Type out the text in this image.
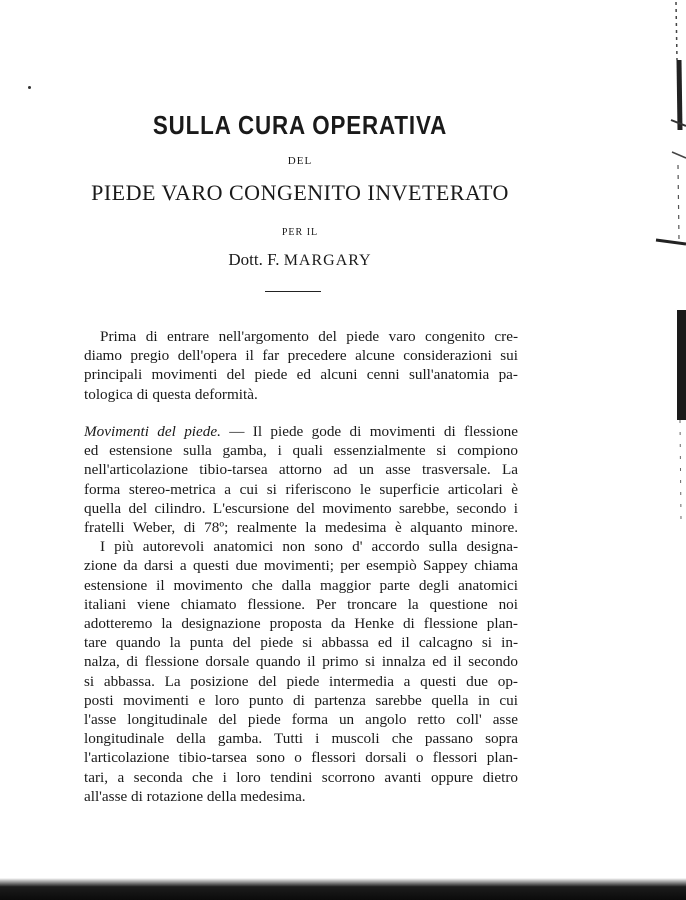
SULLA CURA OPERATIVA
DEL
PIEDE VARO CONGENITO INVETERATO
PER IL
Dott. F. MARGARY
Prima di entrare nell'argomento del piede varo congenito cre-
diamo pregio dell'opera il far precedere alcune considerazioni sui
principali movimenti del piede ed alcuni cenni sull'anatomia pa-
tologica di questa deformità.
Movimenti del piede. — Il piede gode di movimenti di flessione
ed estensione sulla gamba, i quali essenzialmente si compiono
nell'articolazione tibio-tarsea attorno ad un asse trasversale. La
forma stereo-metrica a cui si riferiscono le superficie articolari è
quella del cilindro. L'escursione del movimento sarebbe, secondo i
fratelli Weber, di 78º; realmente la medesima è alquanto minore.
I più autorevoli anatomici non sono d' accordo sulla designa-
zione da darsi a questi due movimenti; per esempiò Sappey chiama
estensione il movimento che dalla maggior parte degli anatomici
italiani viene chiamato flessione. Per troncare la questione noi
adotteremo la designazione proposta da Henke di flessione plan-
tare quando la punta del piede si abbassa ed il calcagno si in-
nalza, di flessione dorsale quando il primo si innalza ed il secondo
si abbassa. La posizione del piede intermedia a questi due op-
posti movimenti e loro punto di partenza sarebbe quella in cui
l'asse longitudinale del piede forma un angolo retto coll' asse
longitudinale della gamba. Tutti i muscoli che passano sopra
l'articolazione tibio-tarsea sono o flessori dorsali o flessori plan-
tari, a seconda che i loro tendini scorrono avanti oppure dietro
all'asse di rotazione della medesima.
